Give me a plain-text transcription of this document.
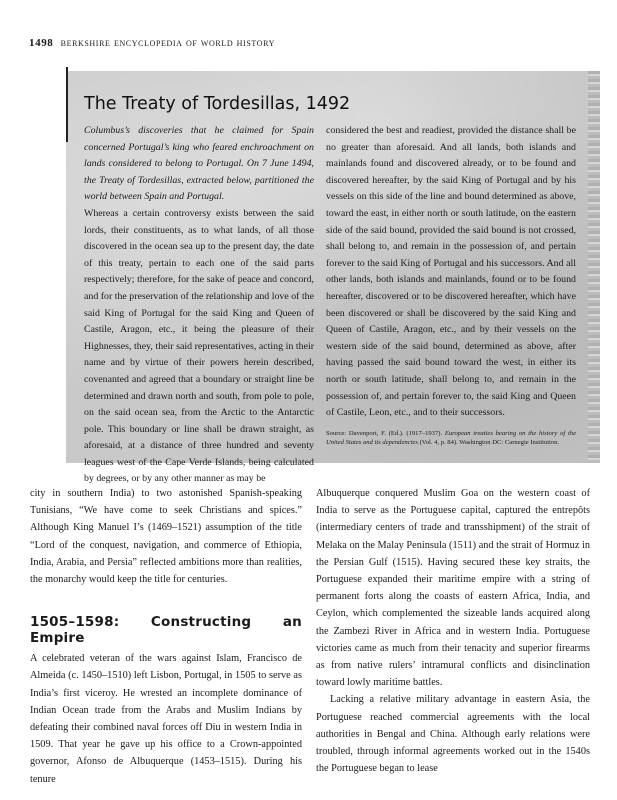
1498 berkshire encyclopedia of world history
The Treaty of Tordesillas, 1492

Columbus’s discoveries that he claimed for Spain concerned Portugal’s king who feared enchroachment on lands considered to belong to Portugal. On 7 June 1494, the Treaty of Tordesillas, extracted below, partitioned the world between Spain and Portugal.

Whereas a certain controversy exists between the said lords, their constituents, as to what lands, of all those discovered in the ocean sea up to the present day, the date of this treaty, pertain to each one of the said parts respectively; therefore, for the sake of peace and concord, and for the preservation of the relationship and love of the said King of Portugal for the said King and Queen of Castile, Aragon, etc., it being the pleasure of their Highnesses, they, their said representatives, acting in their name and by virtue of their powers herein described, covenanted and agreed that a boundary or straight line be determined and drawn north and south, from pole to pole, on the said ocean sea, from the Arctic to the Antarctic pole. This boundary or line shall be drawn straight, as aforesaid, at a distance of three hundred and seventy leagues west of the Cape Verde Islands, being calculated by degrees, or by any other manner as may be

considered the best and readiest, provided the distance shall be no greater than aforesaid. And all lands, both islands and mainlands found and discovered already, or to be found and discovered hereafter, by the said King of Portugal and by his vessels on this side of the line and bound determined as above, toward the east, in either north or south latitude, on the eastern side of the said bound, provided the said bound is not crossed, shall belong to, and remain in the possession of, and pertain forever to the said King of Portugal and his successors. And all other lands, both islands and mainlands, found or to be found hereafter, discovered or to be discovered hereafter, which have been discovered or shall be discovered by the said King and Queen of Castile, Aragon, etc., and by their vessels on the western side of the said bound, determined as above, after having passed the said bound toward the west, in either its north or south latitude, shall belong to, and remain in the possession of, and pertain forever to, the said King and Queen of Castile, Leon, etc., and to their successors.

Source: Davenport, F. (Ed.). (1917–1937). European treaties bearing on the history of the United States and its dependencies (Vol. 4, p. 84). Washington DC: Carnegie Institution.

city in southern India) to two astonished Spanish-speaking Tunisians, “We have come to seek Christians and spices.” Although King Manuel I’s (1469–1521) assumption of the title “Lord of the conquest, navigation, and commerce of Ethiopia, India, Arabia, and Persia” reflected ambitions more than realities, the monarchy would keep the title for centuries.

1505–1598: Constructing an Empire

A celebrated veteran of the wars against Islam, Francisco de Almeida (c. 1450–1510) left Lisbon, Portugal, in 1505 to serve as India’s first viceroy. He wrested an incomplete dominance of Indian Ocean trade from the Arabs and Muslim Indians by defeating their combined naval forces off Diu in western India in 1509. That year he gave up his office to a Crown-appointed governor, Afonso de Albuquerque (1453–1515). During his tenure

Albuquerque conquered Muslim Goa on the western coast of India to serve as the Portuguese capital, captured the entrepôts (intermediary centers of trade and transshipment) of the strait of Melaka on the Malay Peninsula (1511) and the strait of Hormuz in the Persian Gulf (1515). Having secured these key straits, the Portuguese expanded their maritime empire with a string of permanent forts along the coasts of eastern Africa, India, and Ceylon, which complemented the sizeable lands acquired along the Zambezi River in Africa and in western India. Portuguese victories came as much from their tenacity and superior firearms as from native rulers’ intramural conflicts and disinclination toward lowly maritime battles.

Lacking a relative military advantage in eastern Asia, the Portuguese reached commercial agreements with the local authorities in Bengal and China. Although early relations were troubled, through informal agreements worked out in the 1540s the Portuguese began to lease
